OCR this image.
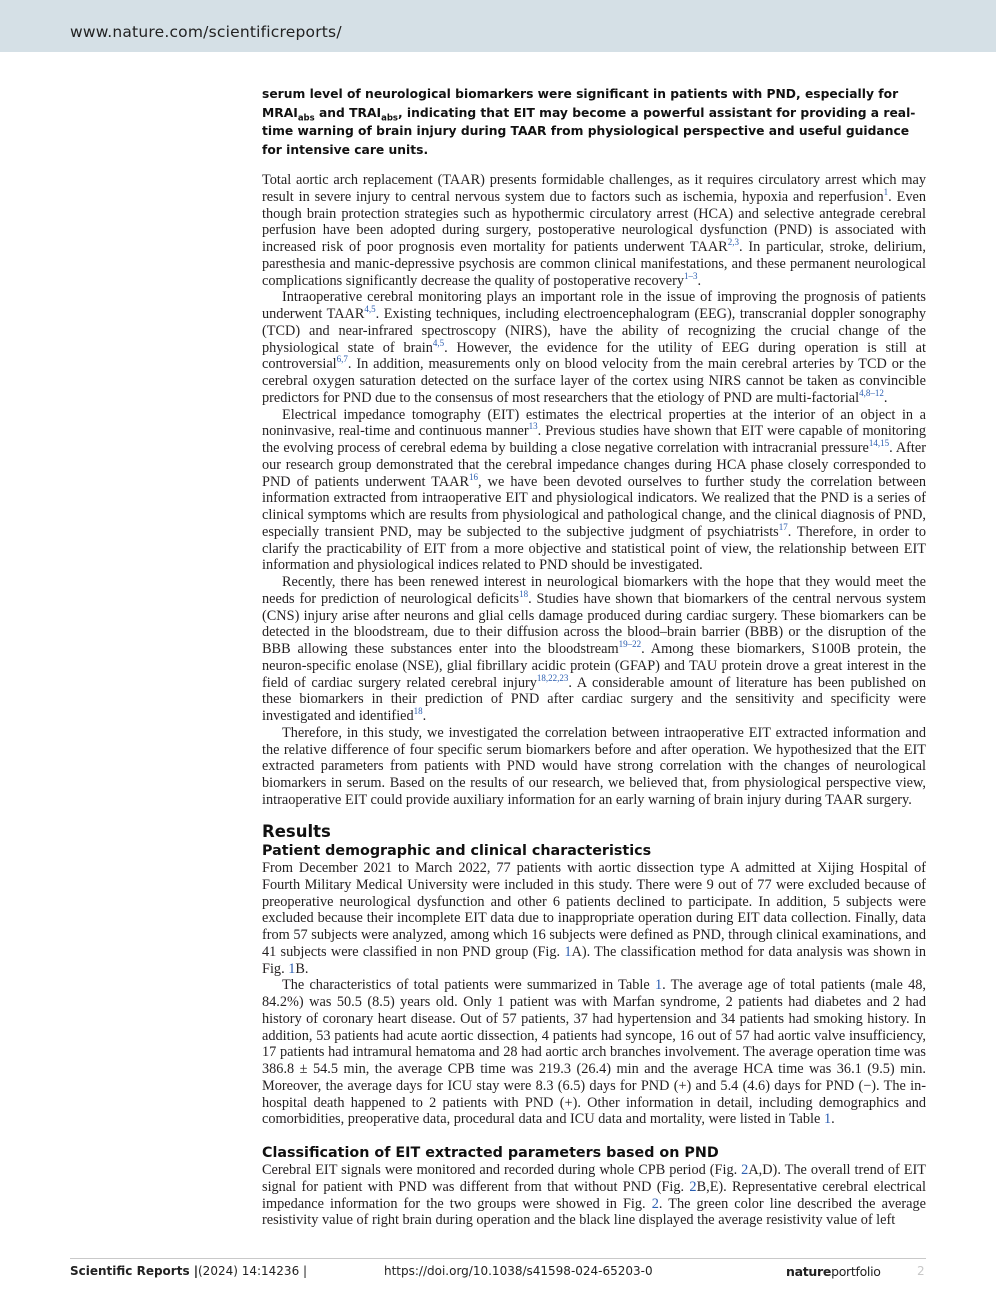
www.nature.com/scientificreports/
serum level of neurological biomarkers were significant in patients with PND, especially for $MRAI_{abs}$ and $TRAI_{abs}$, indicating that EIT may become a powerful assistant for providing a real-time warning of brain injury during TAAR from physiological perspective and useful guidance for intensive care units.

Total aortic arch replacement (TAAR) presents formidable challenges, as it requires circulatory arrest which may result in severe injury to central nervous system due to factors such as ischemia, hypoxia and reperfusion$^1$. Even though brain protection strategies such as hypothermic circulatory arrest (HCA) and selective antegrade cerebral perfusion have been adopted during surgery, postoperative neurological dysfunction (PND) is associated with increased risk of poor prognosis even mortality for patients underwent TAAR$^{2,3}$. In particular, stroke, delirium, paresthesia and manic-depressive psychosis are common clinical manifestations, and these permanent neurological complications significantly decrease the quality of postoperative recovery$^{1-3}$.

Intraoperative cerebral monitoring plays an important role in the issue of improving the prognosis of patients underwent TAAR$^{4,5}$. Existing techniques, including electroencephalogram (EEG), transcranial doppler sonography (TCD) and near-infrared spectroscopy (NIRS), have the ability of recognizing the crucial change of the physiological state of brain$^{4,5}$. However, the evidence for the utility of EEG during operation is still at controversial$^{6,7}$. In addition, measurements only on blood velocity from the main cerebral arteries by TCD or the cerebral oxygen saturation detected on the surface layer of the cortex using NIRS cannot be taken as convincible predictors for PND due to the consensus of most researchers that the etiology of PND are multi-factorial$^{4,8-12}$.

Electrical impedance tomography (EIT) estimates the electrical properties at the interior of an object in a noninvasive, real-time and continuous manner$^{13}$. Previous studies have shown that EIT were capable of monitoring the evolving process of cerebral edema by building a close negative correlation with intracranial pressure$^{14,15}$. After our research group demonstrated that the cerebral impedance changes during HCA phase closely corresponded to PND of patients underwent TAAR$^{16}$, we have been devoted ourselves to further study the correlation between information extracted from intraoperative EIT and physiological indicators. We realized that the PND is a series of clinical symptoms which are results from physiological and pathological change, and the clinical diagnosis of PND, especially transient PND, may be subjected to the subjective judgment of psychiatrists$^{17}$. Therefore, in order to clarify the practicability of EIT from a more objective and statistical point of view, the relationship between EIT information and physiological indices related to PND should be investigated.

Recently, there has been renewed interest in neurological biomarkers with the hope that they would meet the needs for prediction of neurological deficits$^{18}$. Studies have shown that biomarkers of the central nervous system (CNS) injury arise after neurons and glial cells damage produced during cardiac surgery. These biomarkers can be detected in the bloodstream, due to their diffusion across the blood–brain barrier (BBB) or the disruption of the BBB allowing these substances enter into the bloodstream$^{19-22}$. Among these biomarkers, S100B protein, the neuron-specific enolase (NSE), glial fibrillary acidic protein (GFAP) and TAU protein drove a great interest in the field of cardiac surgery related cerebral injury$^{18,22,23}$. A considerable amount of literature has been published on these biomarkers in their prediction of PND after cardiac surgery and the sensitivity and specificity were investigated and identified$^{18}$.

Therefore, in this study, we investigated the correlation between intraoperative EIT extracted information and the relative difference of four specific serum biomarkers before and after operation. We hypothesized that the EIT extracted parameters from patients with PND would have strong correlation with the changes of neurological biomarkers in serum. Based on the results of our research, we believed that, from physiological perspective view, intraoperative EIT could provide auxiliary information for an early warning of brain injury during TAAR surgery.

Results
Patient demographic and clinical characteristics

From December 2021 to March 2022, 77 patients with aortic dissection type A admitted at Xijing Hospital of Fourth Military Medical University were included in this study. There were 9 out of 77 were excluded because of preoperative neurological dysfunction and other 6 patients declined to participate. In addition, 5 subjects were excluded because their incomplete EIT data due to inappropriate operation during EIT data collection. Finally, data from 57 subjects were analyzed, among which 16 subjects were defined as PND, through clinical examinations, and 41 subjects were classified in non PND group (Fig. 1A). The classification method for data analysis was shown in Fig. 1B.

The characteristics of total patients were summarized in Table 1. The average age of total patients (male 48, 84.2%) was 50.5 (8.5) years old. Only 1 patient was with Marfan syndrome, 2 patients had diabetes and 2 had history of coronary heart disease. Out of 57 patients, 37 had hypertension and 34 patients had smoking history. In addition, 53 patients had acute aortic dissection, 4 patients had syncope, 16 out of 57 had aortic valve insufficiency, 17 patients had intramural hematoma and 28 had aortic arch branches involvement. The average operation time was 386.8 ± 54.5 min, the average CPB time was 219.3 (26.4) min and the average HCA time was 36.1 (9.5) min. Moreover, the average days for ICU stay were 8.3 (6.5) days for PND (+) and 5.4 (4.6) days for PND (−). The in-hospital death happened to 2 patients with PND (+). Other information in detail, including demographics and comorbidities, preoperative data, procedural data and ICU data and mortality, were listed in Table 1.

Classification of EIT extracted parameters based on PND

Cerebral EIT signals were monitored and recorded during whole CPB period (Fig. 2A,D). The overall trend of EIT signal for patient with PND was different from that without PND (Fig. 2B,E). Representative cerebral electrical impedance information for the two groups were showed in Fig. 2. The green color line described the average resistivity value of right brain during operation and the black line displayed the average resistivity value of left

Scientific Reports | (2024) 14:14236 |	https://doi.org/10.1038/s41598-024-65203-0	natureportfolio	2
